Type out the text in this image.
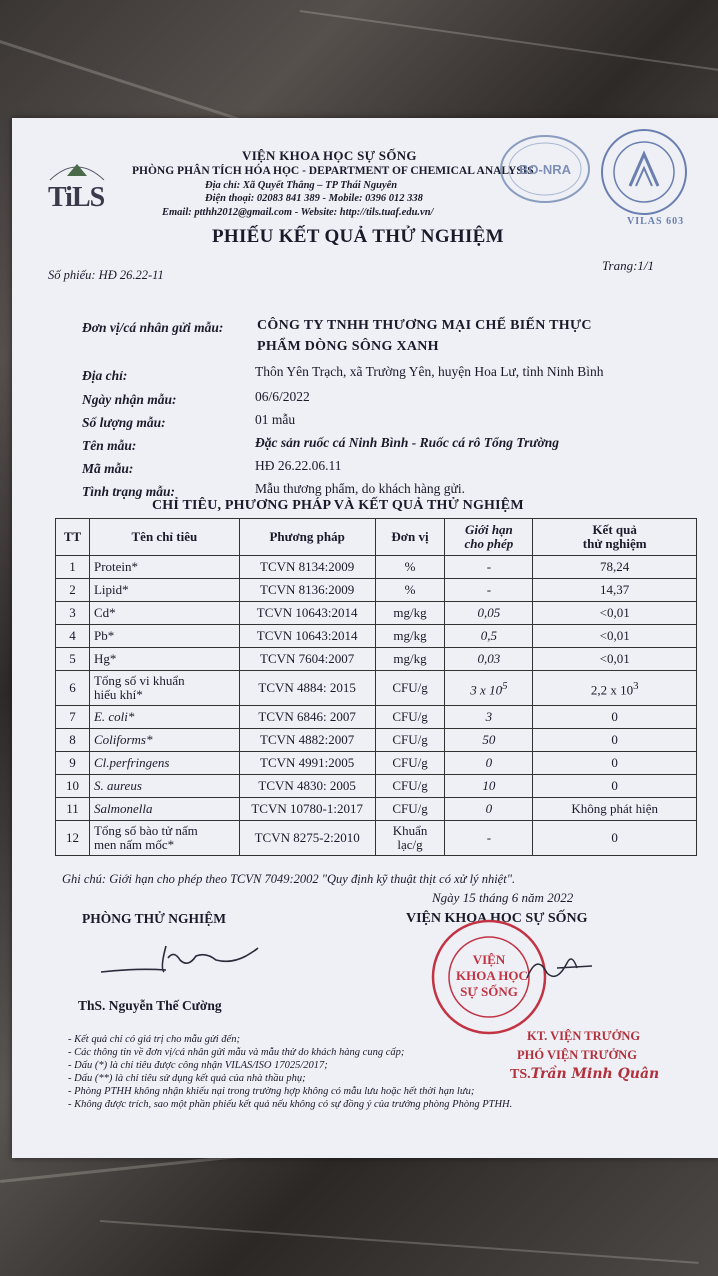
TiLS
VIỆN KHOA HỌC SỰ SỐNG
PHÒNG PHÂN TÍCH HÓA HỌC - DEPARTMENT OF CHEMICAL ANALYSIS
Địa chỉ: Xã Quyết Thắng – TP Thái Nguyên
Điện thoại: 02083 841 389 - Mobile: 0396 012 338
Email: ptthh2012@gmail.com - Website: http://tils.tuaf.edu.vn/
BO-NRA
VILAS 603
PHIẾU KẾT QUẢ THỬ NGHIỆM
Số phiếu: HĐ 26.22-11
Trang:1/1
Đơn vị/cá nhân gửi mẫu: CÔNG TY TNHH THƯƠNG MẠI CHẾ BIẾN THỰC
PHẨM DÒNG SÔNG XANH
Địa chỉ:	Thôn Yên Trạch, xã Trường Yên, huyện Hoa Lư, tỉnh Ninh Bình
Ngày nhận mẫu:	06/6/2022
Số lượng mẫu:	01 mẫu
Tên mẫu:	Đặc sản ruốc cá Ninh Bình - Ruốc cá rô Tổng Trường
Mã mẫu:	HĐ 26.22.06.11
Tình trạng mẫu:	Mẫu thương phẩm, do khách hàng gửi.
CHỈ TIÊU, PHƯƠNG PHÁP VÀ KẾT QUẢ THỬ NGHIỆM
TT	Tên chỉ tiêu	Phương pháp	Đơn vị	Giới hạn
cho phép	Kết quả
thử nghiệm
1	Protein*	TCVN 8134:2009	%	-	78,24
2	Lipid*	TCVN 8136:2009	%	-	14,37
3	Cd*	TCVN 10643:2014	mg/kg	0,05	<0,01
4	Pb*	TCVN 10643:2014	mg/kg	0,5	<0,01
5	Hg*	TCVN 7604:2007	mg/kg	0,03	<0,01
6	Tổng số vi khuẩn
hiếu khí*	TCVN 4884: 2015	CFU/g	3 x $10^5$	2,2 x $10^3$
7	E. coli*	TCVN 6846: 2007	CFU/g	3	0
8	Coliforms*	TCVN 4882:2007	CFU/g	50	0
9	Cl.perfringens	TCVN 4991:2005	CFU/g	0	0
10	S. aureus	TCVN 4830: 2005	CFU/g	10	0
11	Salmonella	TCVN 10780-1:2017	CFU/g	0	Không phát hiện
12	Tổng số bào tử nấm
men nấm mốc*	TCVN 8275-2:2010	Khuẩn
lạc/g	-	0
Ghi chú: Giới hạn cho phép theo TCVN 7049:2002 "Quy định kỹ thuật thịt có xử lý nhiệt".
Ngày 15 tháng 6 năm 2022
PHÒNG THỬ NGHIỆM	VIỆN KHOA HỌC SỰ SỐNG
ThS. Nguyễn Thế Cường
VIỆN
KHOA HỌC
SỰ SỐNG
KT. VIỆN TRƯỞNG
PHÓ VIỆN TRƯỞNG
TS.Trần Minh Quân
- Kết quả chỉ có giá trị cho mẫu gửi đến;
- Các thông tin về đơn vị/cá nhân gửi mẫu và mẫu thử do khách hàng cung cấp;
- Dấu (*) là chỉ tiêu được công nhận VILAS/ISO 17025/2017;
- Dấu (**) là chỉ tiêu sử dụng kết quả của nhà thầu phụ;
- Phòng PTHH không nhận khiếu nại trong trường hợp không có mẫu lưu hoặc hết thời hạn lưu;
- Không được trích, sao một phần phiếu kết quả nếu không có sự đồng ý của trưởng phòng Phòng PTHH.
